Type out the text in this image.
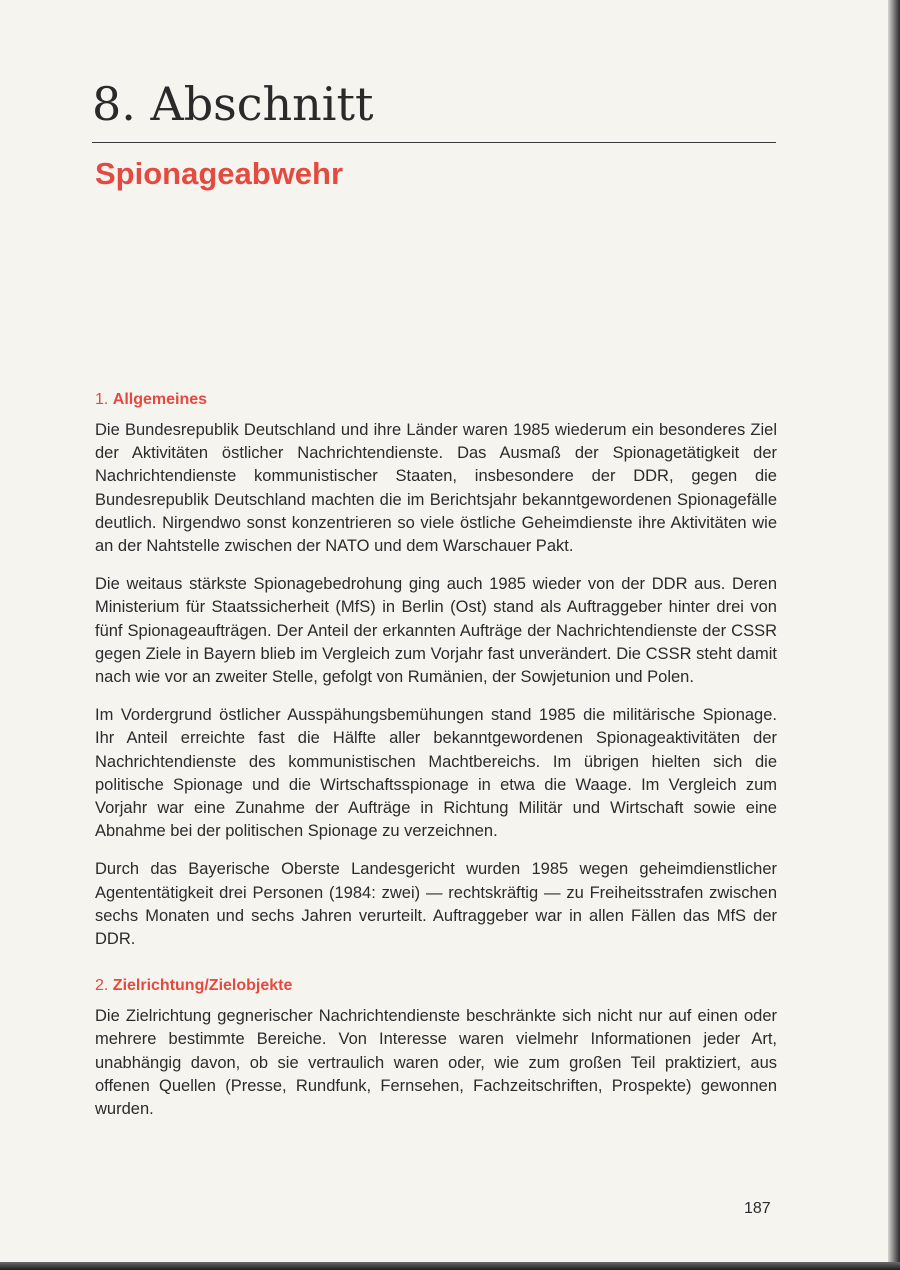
8. Abschnitt
Spionageabwehr
1. Allgemeines

Die Bundesrepublik Deutschland und ihre Länder waren 1985 wiederum ein besonderes Ziel der Aktivitäten östlicher Nachrichtendienste. Das Ausmaß der Spionagetätigkeit der Nachrichtendienste kommunistischer Staaten, insbesondere der DDR, gegen die Bundesrepublik Deutschland machten die im Berichtsjahr bekanntgewordenen Spionagefälle deutlich. Nirgendwo sonst konzentrieren so viele östliche Geheimdienste ihre Aktivitäten wie an der Nahtstelle zwischen der NATO und dem Warschauer Pakt.

Die weitaus stärkste Spionagebedrohung ging auch 1985 wieder von der DDR aus. Deren Ministerium für Staatssicherheit (MfS) in Berlin (Ost) stand als Auftraggeber hinter drei von fünf Spionageaufträgen. Der Anteil der erkannten Aufträge der Nachrichtendienste der CSSR gegen Ziele in Bayern blieb im Vergleich zum Vorjahr fast unverändert. Die CSSR steht damit nach wie vor an zweiter Stelle, gefolgt von Rumänien, der Sowjetunion und Polen.

Im Vordergrund östlicher Ausspähungsbemühungen stand 1985 die militärische Spionage. Ihr Anteil erreichte fast die Hälfte aller bekanntgewordenen Spionageaktivitäten der Nachrichtendienste des kommunistischen Machtbereichs. Im übrigen hielten sich die politische Spionage und die Wirtschaftsspionage in etwa die Waage. Im Vergleich zum Vorjahr war eine Zunahme der Aufträge in Richtung Militär und Wirtschaft sowie eine Abnahme bei der politischen Spionage zu verzeichnen.

Durch das Bayerische Oberste Landesgericht wurden 1985 wegen geheimdienstlicher Agententätigkeit drei Personen (1984: zwei) — rechtskräftig — zu Freiheitsstrafen zwischen sechs Monaten und sechs Jahren verurteilt. Auftraggeber war in allen Fällen das MfS der DDR.

2. Zielrichtung/Zielobjekte

Die Zielrichtung gegnerischer Nachrichtendienste beschränkte sich nicht nur auf einen oder mehrere bestimmte Bereiche. Von Interesse waren vielmehr Informationen jeder Art, unabhängig davon, ob sie vertraulich waren oder, wie zum großen Teil praktiziert, aus offenen Quellen (Presse, Rundfunk, Fernsehen, Fachzeitschriften, Prospekte) gewonnen wurden.

187
